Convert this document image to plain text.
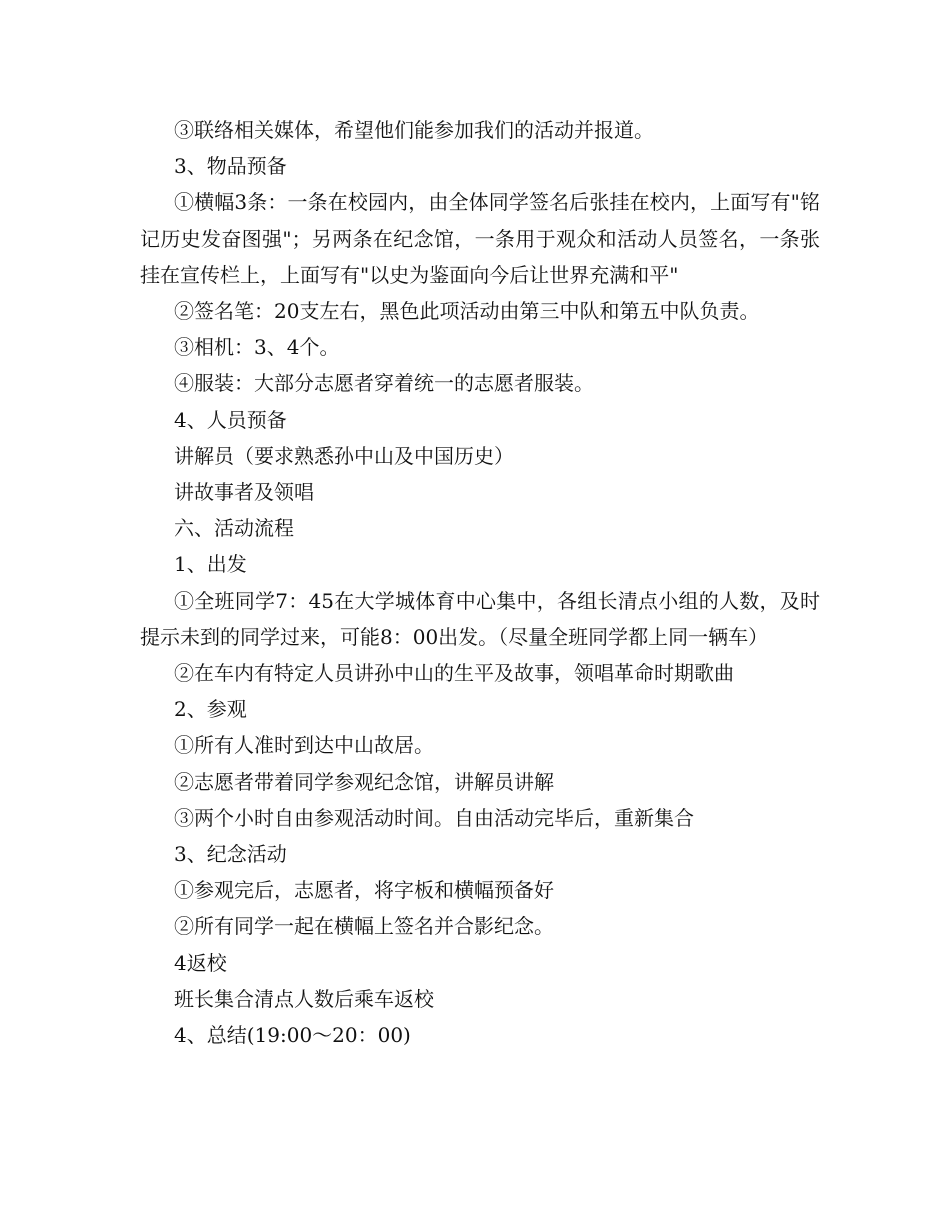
③联络相关媒体，希望他们能参加我们的活动并报道。

3、物品预备

①横幅3条：一条在校园内，由全体同学签名后张挂在校内，上面写有"铭记历史发奋图强"；另两条在纪念馆，一条用于观众和活动人员签名，一条张挂在宣传栏上，上面写有"以史为鉴面向今后让世界充满和平"

②签名笔：20支左右，黑色此项活动由第三中队和第五中队负责。

③相机：3、4个。

④服装：大部分志愿者穿着统一的志愿者服装。

4、人员预备

讲解员（要求熟悉孙中山及中国历史）

讲故事者及领唱

六、活动流程

1、出发

①全班同学7：45在大学城体育中心集中，各组长清点小组的人数，及时提示未到的同学过来，可能8：00出发。（尽量全班同学都上同一辆车）

②在车内有特定人员讲孙中山的生平及故事，领唱革命时期歌曲

2、参观

①所有人准时到达中山故居。

②志愿者带着同学参观纪念馆，讲解员讲解

③两个小时自由参观活动时间。自由活动完毕后，重新集合

3、纪念活动

①参观完后，志愿者，将字板和横幅预备好

②所有同学一起在横幅上签名并合影纪念。

4返校

班长集合清点人数后乘车返校

4、总结(19:00～20：00)
